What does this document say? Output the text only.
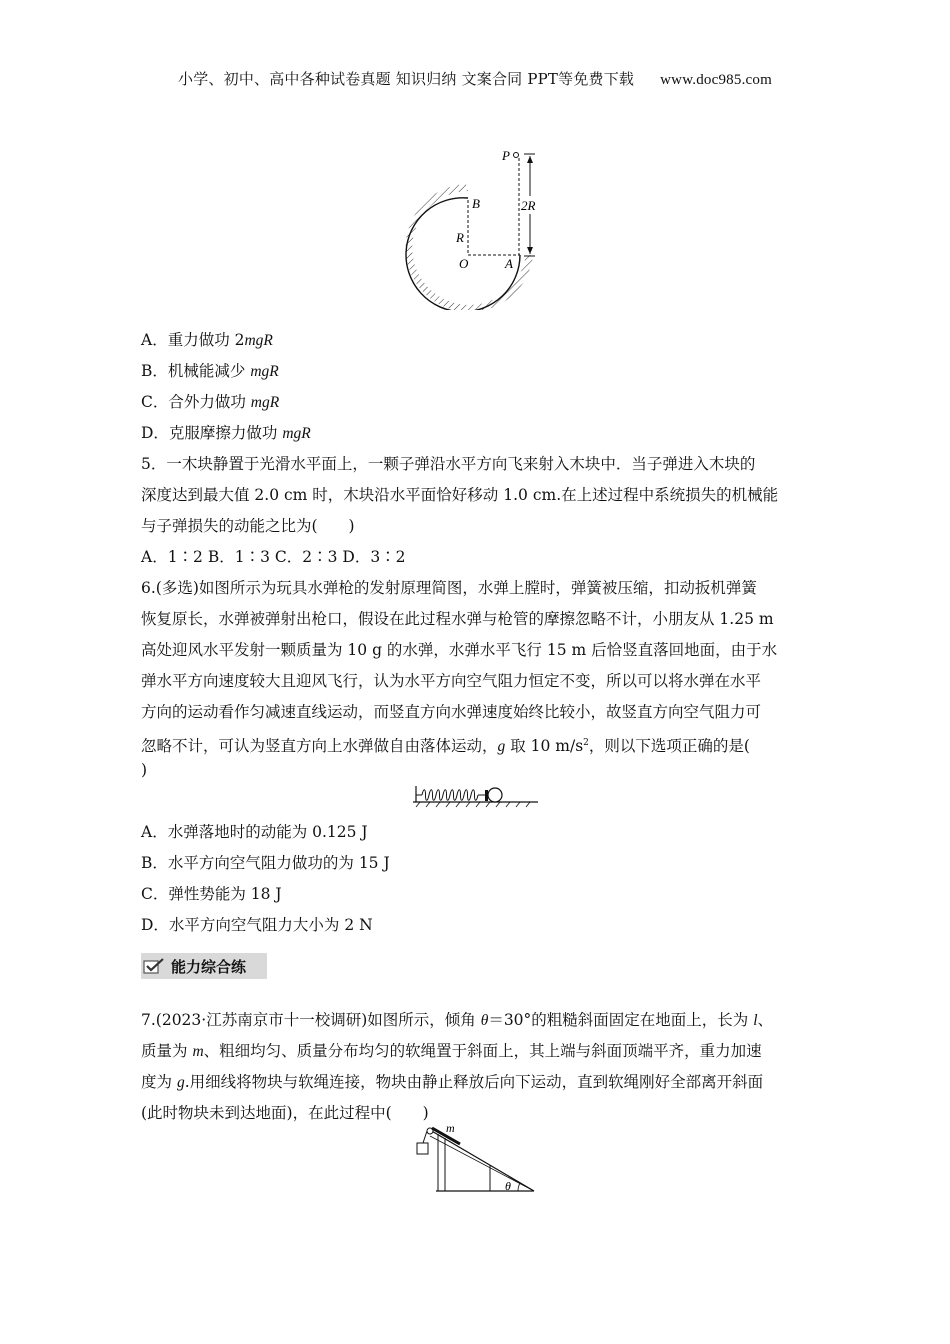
小学、初中、高中各种试卷真题 知识归纳 文案合同 PPT等免费下载 www.doc985.com
P
B
R
O	A
2R
A．重力做功 2mgR
B．机械能减少 mgR
C．合外力做功 mgR
D．克服摩擦力做功 mgR
5．一木块静置于光滑水平面上，一颗子弹沿水平方向飞来射入木块中．当子弹进入木块的
深度达到最大值 2.0 cm 时，木块沿水平面恰好移动 1.0 cm.在上述过程中系统损失的机械能
与子弹损失的动能之比为(　　)
A．1∶2 B．1∶3 C．2∶3 D．3∶2
6.(多选)如图所示为玩具水弹枪的发射原理简图，水弹上膛时，弹簧被压缩，扣动扳机弹簧
恢复原长，水弹被弹射出枪口，假设在此过程水弹与枪管的摩擦忽略不计，小朋友从 1.25 m
高处迎风水平发射一颗质量为 10 g 的水弹，水弹水平飞行 15 m 后恰竖直落回地面，由于水
弹水平方向速度较大且迎风飞行，认为水平方向空气阻力恒定不变，所以可以将水弹在水平
方向的运动看作匀减速直线运动，而竖直方向水弹速度始终比较小，故竖直方向空气阻力可
忽略不计，可认为竖直方向上水弹做自由落体运动，g 取 10 $m/s^2$，则以下选项正确的是(
)
A．水弹落地时的动能为 0.125 J
B．水平方向空气阻力做功的为 15 J
C．弹性势能为 18 J
D．水平方向空气阻力大小为 2 N
能力综合练
7.(2023·江苏南京市十一校调研)如图所示，倾角 θ＝30°的粗糙斜面固定在地面上，长为 l、
质量为 m、粗细均匀、质量分布均匀的软绳置于斜面上，其上端与斜面顶端平齐，重力加速
度为 g.用细线将物块与软绳连接，物块由静止释放后向下运动，直到软绳刚好全部离开斜面
(此时物块未到达地面)，在此过程中(　　)
m
θ
